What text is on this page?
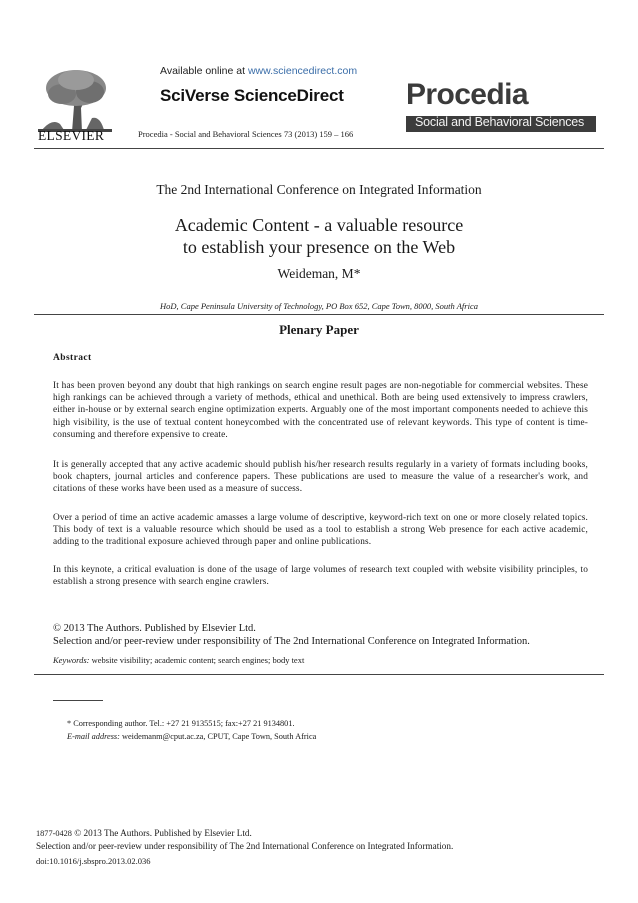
ELSEVIER
Available online at www.sciencedirect.com
SciVerse ScienceDirect
Procedia - Social and Behavioral Sciences 73 (2013) 159 – 166
Procedia
Social and Behavioral Sciences
The 2nd International Conference on Integrated Information
Academic Content - a valuable resource
to establish your presence on the Web
Weideman, M*
HoD, Cape Peninsula University of Technology, PO Box 652, Cape Town, 8000, South Africa
Plenary Paper
Abstract
It has been proven beyond any doubt that high rankings on search engine result pages are non-negotiable for commercial websites. These high rankings can be achieved through a variety of methods, ethical and unethical. Both are being used extensively to impress crawlers, either in-house or by external search engine optimization experts. Arguably one of the most important components needed to achieve this high visibility, is the use of textual content honeycombed with the concentrated use of relevant keywords. This type of content is time-consuming and therefore expensive to create.
It is generally accepted that any active academic should publish his/her research results regularly in a variety of formats including books, book chapters, journal articles and conference papers. These publications are used to measure the value of a researcher's work, and citations of these works have been used as a measure of success.
Over a period of time an active academic amasses a large volume of descriptive, keyword-rich text on one or more closely related topics. This body of text is a valuable resource which should be used as a tool to establish a strong Web presence for each active academic, adding to the traditional exposure achieved through paper and online publications.
In this keynote, a critical evaluation is done of the usage of large volumes of research text coupled with website visibility principles, to establish a strong presence with search engine crawlers.
© 2013 The Authors. Published by Elsevier Ltd.
Selection and/or peer-review under responsibility of The 2nd International Conference on Integrated Information.
Keywords: website visibility; academic content; search engines; body text
* Corresponding author. Tel.: +27 21 9135515; fax:+27 21 9134801.
E-mail address: weidemanm@cput.ac.za, CPUT, Cape Town, South Africa
1877-0428 © 2013 The Authors. Published by Elsevier Ltd.
Selection and/or peer-review under responsibility of The 2nd International Conference on Integrated Information.
doi:10.1016/j.sbspro.2013.02.036
